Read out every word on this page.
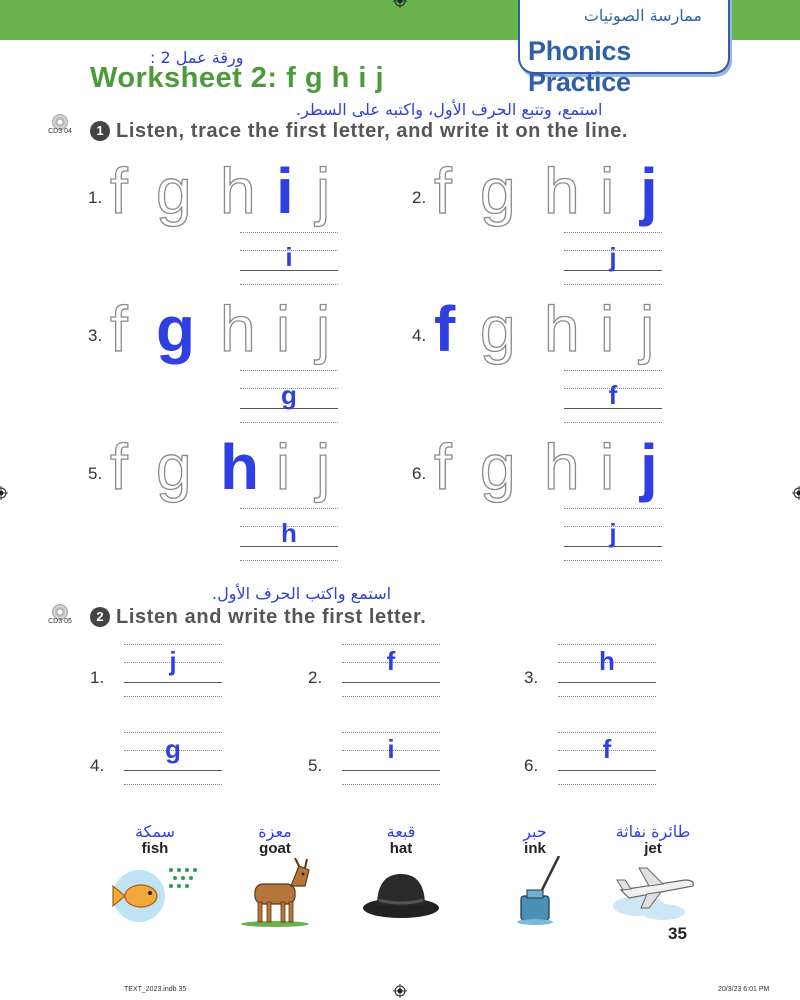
ممارسة الصوتيات
Phonics Practice
ورقة عمل 2 :
Worksheet 2: f g h i j
CD3 04
استمع، وتتبع الحرف الأول، واكتبه على السطر.
1 Listen, trace the first letter, and write it on the line.
1. f g h i j
i
2. f g h i j
j
3. f g h i j
g
4. f g h i j
f
5. f g h i j
h
6. f g h i j
j
استمع واكتب الحرف الأول.
CD3 05	2 Listen and write the first letter.
1.
j
2.
f
3.
h
4.
g
5.
i
6.
f
سمكة
fish
معزة
goat
قبعة
hat
حبر
ink
طائرة نفاثة
jet
35
TEXT_2023.indb 35	20/3/23 6:01 PM
